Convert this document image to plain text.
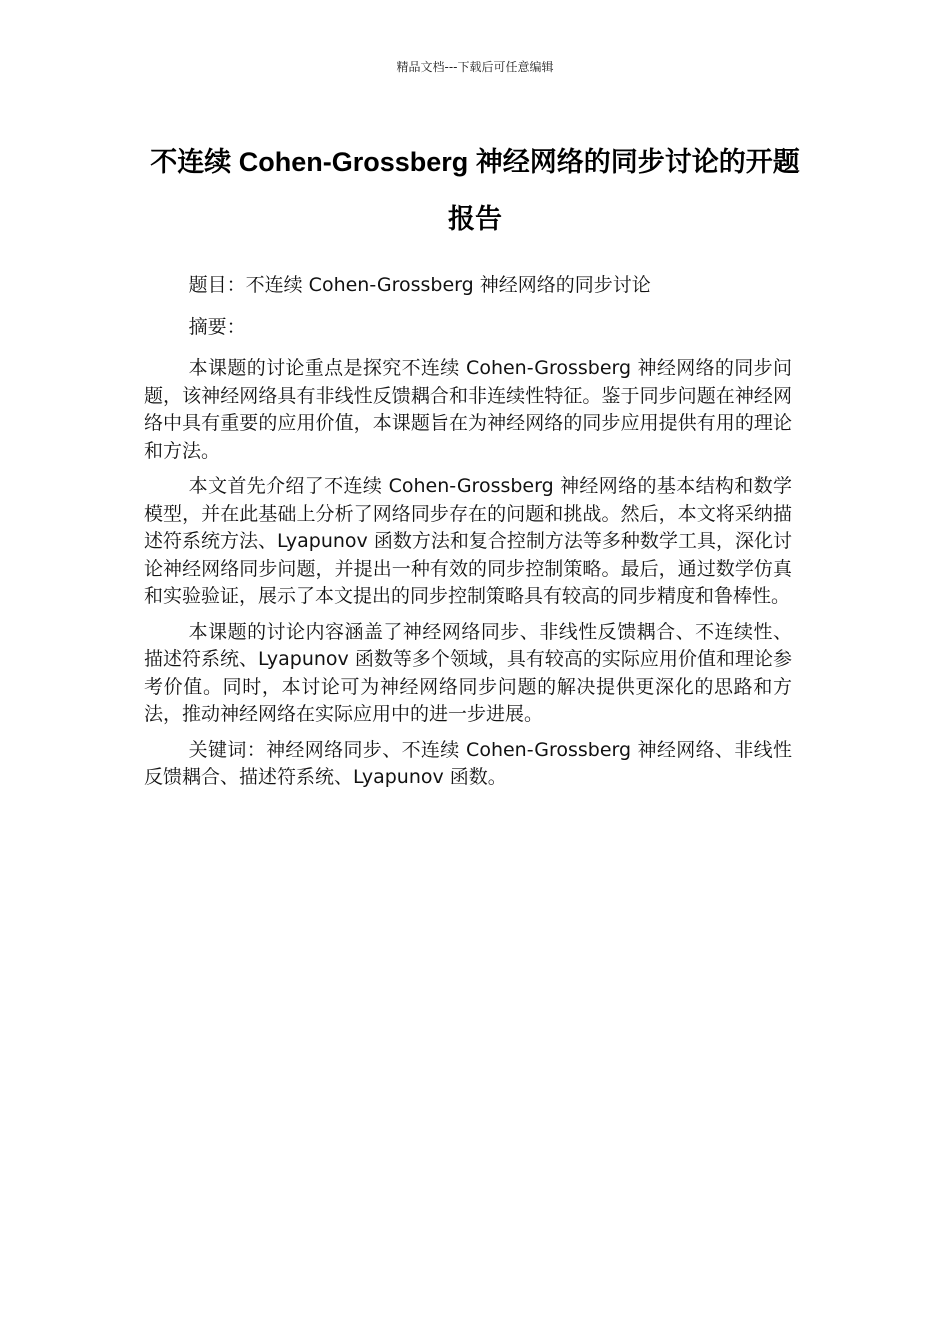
精品文档---下载后可任意编辑
不连续 Cohen-Grossberg 神经网络的同步讨论的开题报告

题目：不连续 Cohen-Grossberg 神经网络的同步讨论

摘要：

本课题的讨论重点是探究不连续 Cohen-Grossberg 神经网络的同步问题，该神经网络具有非线性反馈耦合和非连续性特征。鉴于同步问题在神经网络中具有重要的应用价值，本课题旨在为神经网络的同步应用提供有用的理论和方法。

本文首先介绍了不连续 Cohen-Grossberg 神经网络的基本结构和数学模型，并在此基础上分析了网络同步存在的问题和挑战。然后，本文将采纳描述符系统方法、Lyapunov 函数方法和复合控制方法等多种数学工具，深化讨论神经网络同步问题，并提出一种有效的同步控制策略。最后，通过数学仿真和实验验证，展示了本文提出的同步控制策略具有较高的同步精度和鲁棒性。

本课题的讨论内容涵盖了神经网络同步、非线性反馈耦合、不连续性、描述符系统、Lyapunov 函数等多个领域，具有较高的实际应用价值和理论参考价值。同时，本讨论可为神经网络同步问题的解决提供更深化的思路和方法，推动神经网络在实际应用中的进一步进展。

关键词：神经网络同步、不连续 Cohen-Grossberg 神经网络、非线性反馈耦合、描述符系统、Lyapunov 函数。
